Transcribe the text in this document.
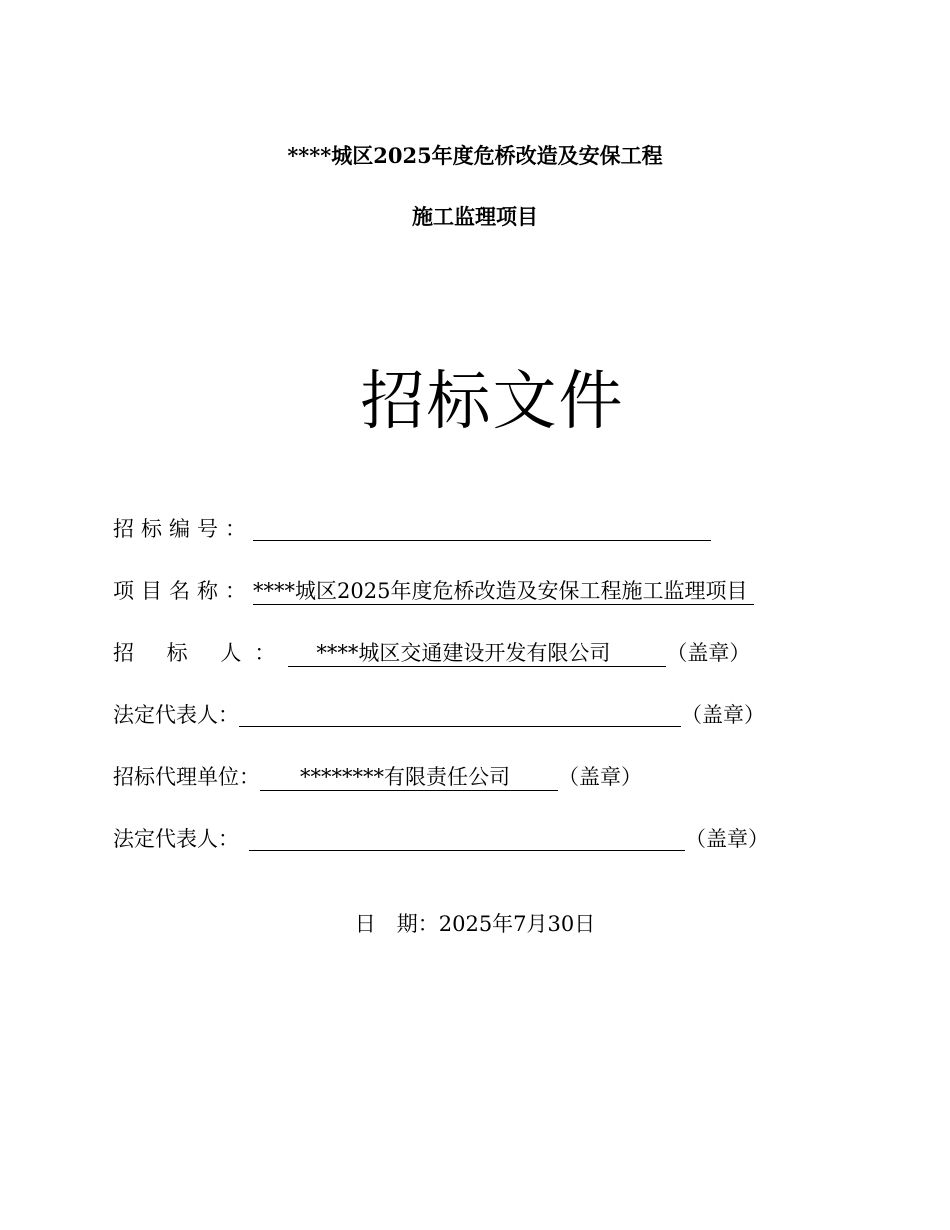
****城区2025年度危桥改造及安保工程
施工监理项目
招标文件
招标编号：
项目名称：****城区2025年度危桥改造及安保工程施工监理项目
招 标 人： ****城区交通建设开发有限公司	（盖章）
法定代表人：	（盖章）
招标代理单位： ********有限责任公司 （盖章）
法定代表人：	（盖章）
日　期：2025年7月30日
